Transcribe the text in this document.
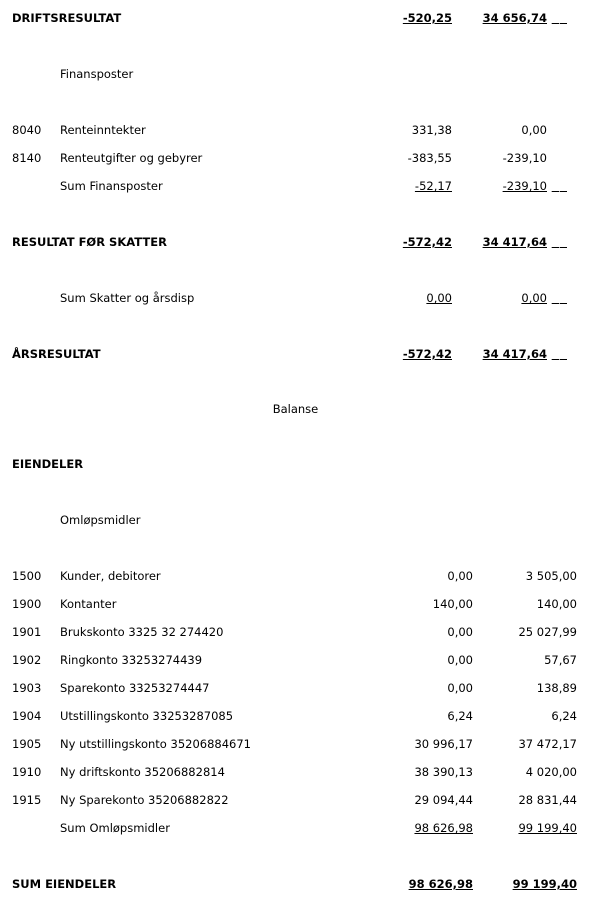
DRIFTSRESULTAT	-520,25	34 656,74

Finansposter
8040 Renteinntekter	331,38	0,00
8140 Renteutgifter og gebyrer	-383,55	-239,10
Sum Finansposter	-52,17	-239,10

RESULTAT FØR SKATTER	-572,42	34 417,64

Sum Skatter og årsdisp	0,00	0,00

ÅRSRESULTAT	-572,42	34 417,64

Balanse
EIENDELER
Omløpsmidler
1500 Kunder, debitorer	0,00	3 505,00
1900 Kontanter	140,00	140,00
1901 Brukskonto 3325 32 274420	0,00	25 027,99
1902 Ringkonto 33253274439	0,00	57,67
1903 Sparekonto 33253274447	0,00	138,89
1904 Utstillingskonto 33253287085	6,24	6,24
1905 Ny utstillingskonto 35206884671	30 996,17	37 472,17
1910 Ny driftskonto 35206882814	38 390,13	4 020,00
1915 Ny Sparekonto 35206882822	29 094,44	28 831,44
Sum Omløpsmidler	98 626,98	99 199,40
SUM EIENDELER	98 626,98	99 199,40
